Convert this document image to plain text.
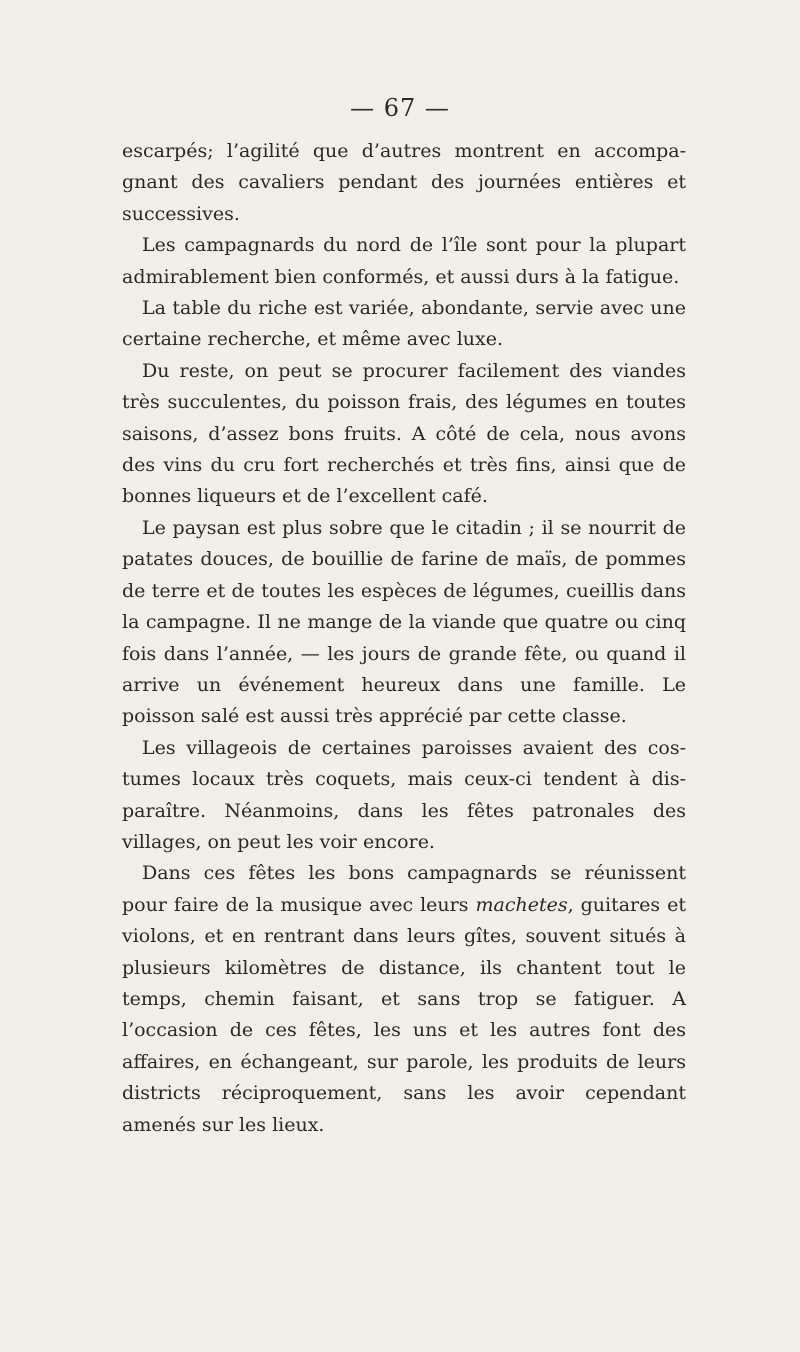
— 67 —

escarpés; l’agilité que d’autres montrent en accompagnant des cavaliers pendant des journées entières et successives.

Les campagnards du nord de l’île sont pour la plupart admirablement bien conformés, et aussi durs à la fatigue.

La table du riche est variée, abondante, servie avec une certaine recherche, et même avec luxe.

Du reste, on peut se procurer facilement des viandes très succulentes, du poisson frais, des légumes en toutes saisons, d’assez bons fruits. A côté de cela, nous avons des vins du cru fort recherchés et très fins, ainsi que de bonnes liqueurs et de l’excellent café.

Le paysan est plus sobre que le citadin ; il se nourrit de patates douces, de bouillie de farine de maïs, de pommes de terre et de toutes les espèces de légumes, cueillis dans la campagne. Il ne mange de la viande que quatre ou cinq fois dans l’année, — les jours de grande fête, ou quand il arrive un événement heureux dans une famille. Le poisson salé est aussi très apprécié par cette classe.

Les villageois de certaines paroisses avaient des costumes locaux très coquets, mais ceux-ci tendent à disparaître. Néanmoins, dans les fêtes patronales des villages, on peut les voir encore.

Dans ces fêtes les bons campagnards se réunissent pour faire de la musique avec leurs machetes, guitares et violons, et en rentrant dans leurs gîtes, souvent situés à plusieurs kilomètres de distance, ils chantent tout le temps, chemin faisant, et sans trop se fatiguer. A l’occasion de ces fêtes, les uns et les autres font des affaires, en échangeant, sur parole, les produits de leurs districts réciproquement, sans les avoir cependant amenés sur les lieux.
